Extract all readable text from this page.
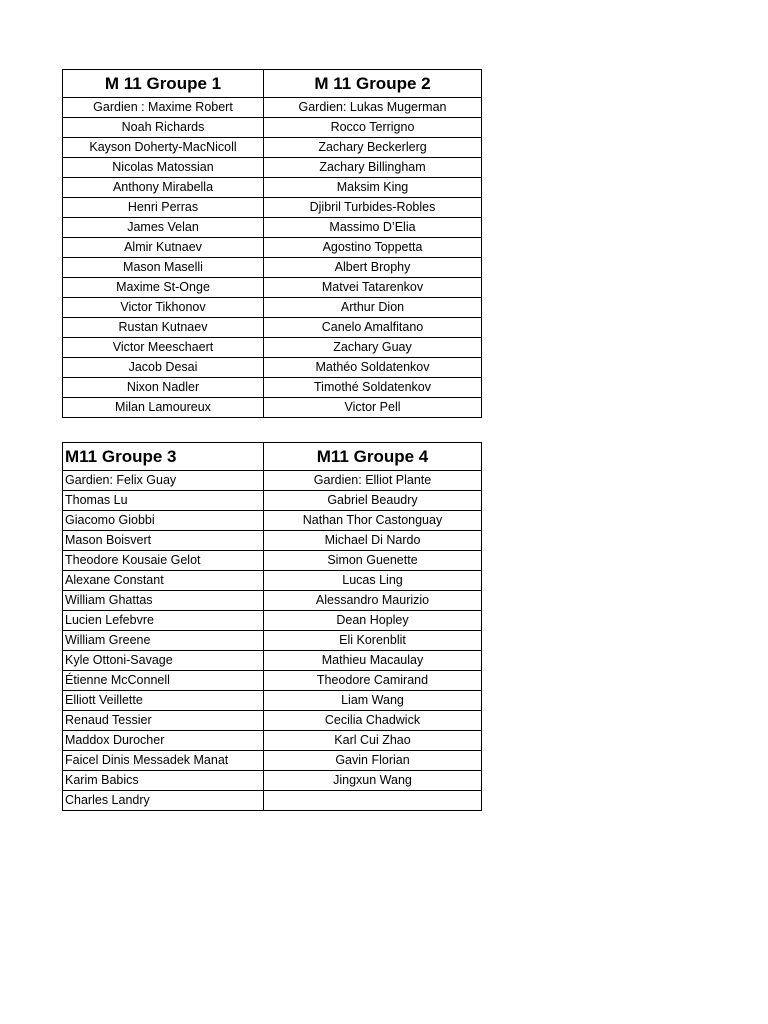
M 11 Groupe 1	M 11 Groupe 2
Gardien : Maxime Robert	Gardien: Lukas Mugerman
Noah Richards	Rocco Terrigno
Kayson Doherty-MacNicoll	Zachary Beckerlerg
Nicolas Matossian	Zachary Billingham
Anthony Mirabella	Maksim King
Henri Perras	Djibril Turbides-Robles
James Velan	Massimo D’Elia
Almir Kutnaev	Agostino Toppetta
Mason Maselli	Albert Brophy
Maxime St-Onge	Matvei Tatarenkov
Victor Tikhonov	Arthur Dion
Rustan Kutnaev	Canelo Amalfitano
Victor Meeschaert	Zachary Guay
Jacob Desai	Mathéo Soldatenkov
Nixon Nadler	Timothé Soldatenkov
Milan Lamoureux	Victor Pell
M11 Groupe 3	M11 Groupe 4
Gardien: Felix Guay	Gardien: Elliot Plante
Thomas Lu	Gabriel Beaudry
Giacomo Giobbi	Nathan Thor Castonguay
Mason Boisvert	Michael Di Nardo
Theodore Kousaie Gelot	Simon Guenette
Alexane Constant	Lucas Ling
William Ghattas	Alessandro Maurizio
Lucien Lefebvre	Dean Hopley
William Greene	Eli Korenblit
Kyle Ottoni-Savage	Mathieu Macaulay
Étienne McConnell	Theodore Camirand
Elliott Veillette	Liam Wang
Renaud Tessier	Cecilia Chadwick
Maddox Durocher	Karl Cui Zhao
Faicel Dinis Messadek Manat	Gavin Florian
Karim Babics	Jingxun Wang
Charles Landry	
